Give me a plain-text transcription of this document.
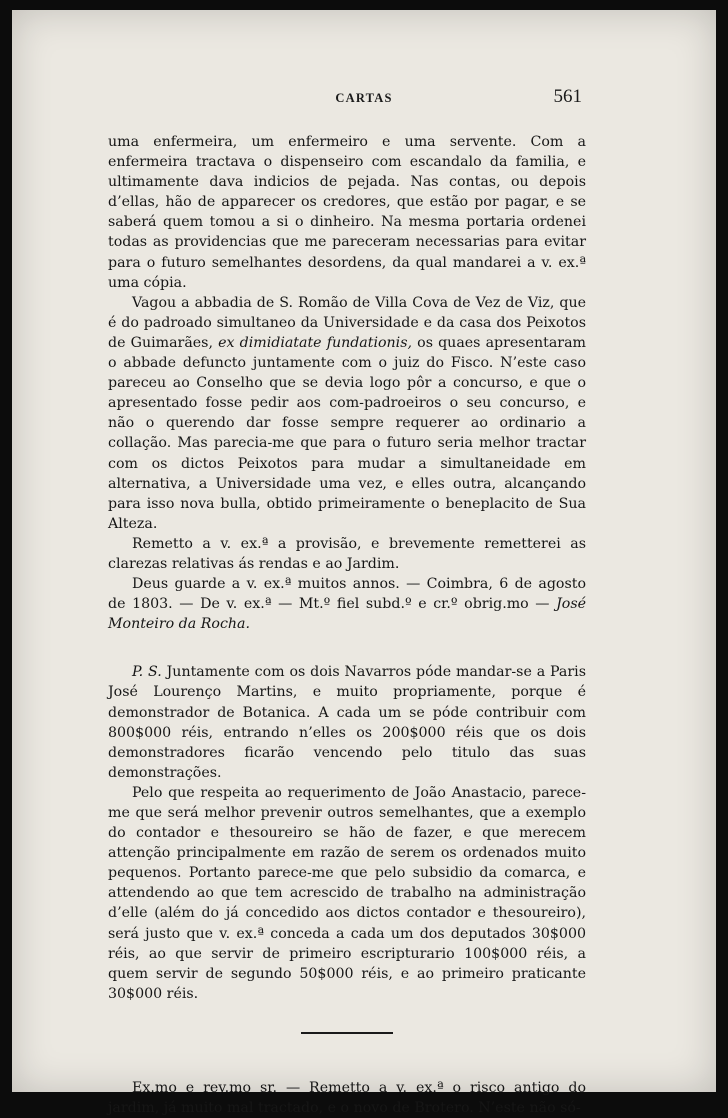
CARTAS	561

uma enfermeira, um enfermeiro e uma servente. Com a enfermeira tractava o dispenseiro com escandalo da familia, e ultimamente dava indicios de pejada. Nas contas, ou depois d’ellas, hão de apparecer os credores, que estão por pagar, e se saberá quem tomou a si o dinheiro. Na mesma portaria ordenei todas as providencias que me pareceram necessarias para evitar para o futuro semelhantes desordens, da qual mandarei a v. ex.ª uma cópia.

Vagou a abbadia de S. Romão de Villa Cova de Vez de Viz, que é do padroado simultaneo da Universidade e da casa dos Peixotos de Guimarães, ex dimidiatate fundationis, os quaes apresentaram o abbade defuncto juntamente com o juiz do Fisco. N’este caso pareceu ao Conselho que se devia logo pôr a concurso, e que o apresentado fosse pedir aos com-padroeiros o seu concurso, e não o querendo dar fosse sempre requerer ao ordinario a collação. Mas parecia-me que para o futuro seria melhor tractar com os dictos Peixotos para mudar a simultaneidade em alternativa, a Universidade uma vez, e elles outra, alcançando para isso nova bulla, obtido primeiramente o beneplacito de Sua Alteza.

Remetto a v. ex.ª a provisão, e brevemente remetterei as clarezas relativas ás rendas e ao Jardim.

Deus guarde a v. ex.ª muitos annos. — Coimbra, 6 de agosto de 1803. — De v. ex.ª — Mt.º fiel subd.º e cr.º obrig.mo — José Monteiro da Rocha.

P. S. Juntamente com os dois Navarros póde mandar-se a Paris José Lourenço Martins, e muito propriamente, porque é demonstrador de Botanica. A cada um se póde contribuir com 800$000 réis, entrando n’elles os 200$000 réis que os dois demonstradores ficarão vencendo pelo titulo das suas demonstrações.

Pelo que respeita ao requerimento de João Anastacio, parece-me que será melhor prevenir outros semelhantes, que a exemplo do contador e thesoureiro se hão de fazer, e que merecem attenção principalmente em razão de serem os ordenados muito pequenos. Portanto parece-me que pelo subsidio da comarca, e attendendo ao que tem acrescido de trabalho na administração d’elle (além do já concedido aos dictos contador e thesoureiro), será justo que v. ex.ª conceda a cada um dos deputados 30$000 réis, ao que servir de primeiro escripturario 100$000 réis, a quem servir de segundo 50$000 réis, e ao primeiro praticante 30$000 réis.

Ex.mo e rev.mo sr. — Remetto a v. ex.ª o risco antigo do jardim, já muito mal tractado, e o novo de Brotero. N’este não só-
